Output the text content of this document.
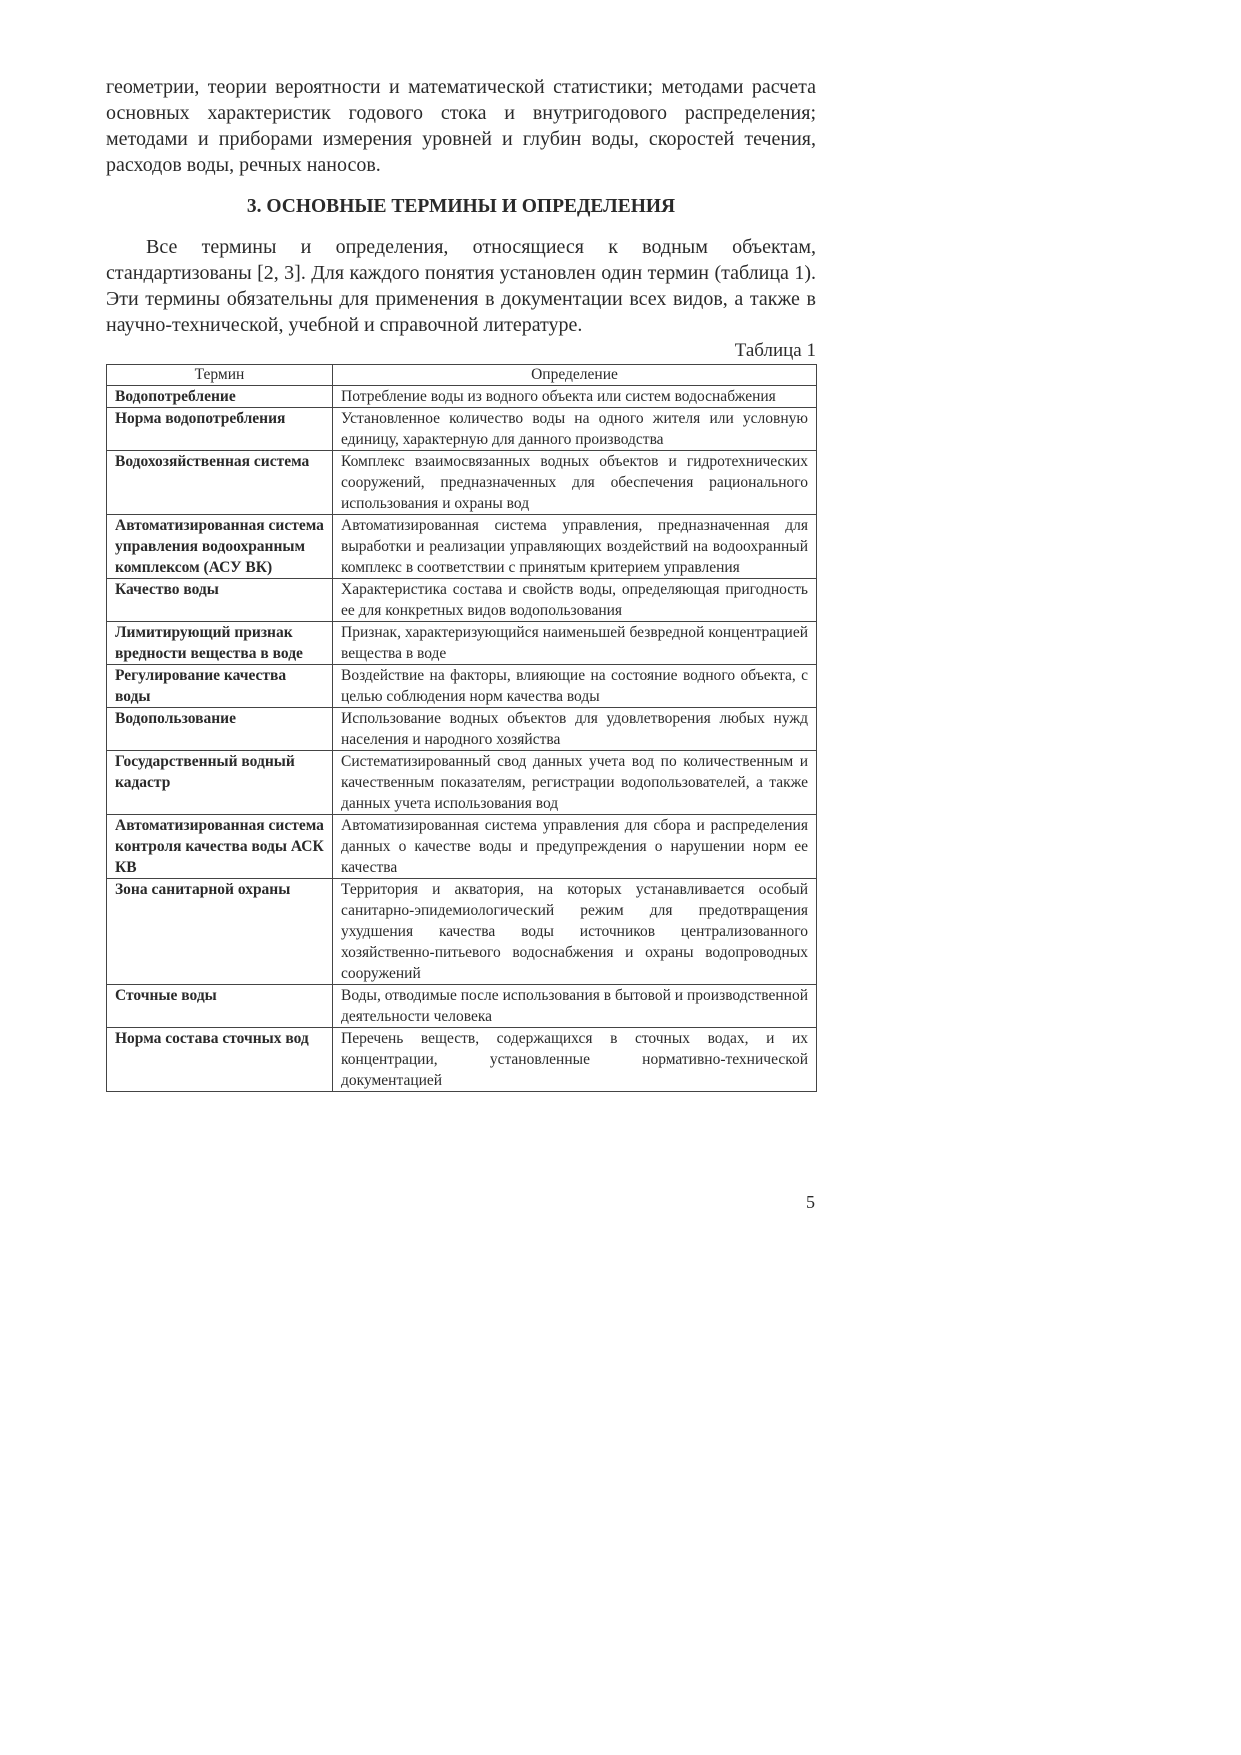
геометрии, теории вероятности и математической статистики; методами расчета основных характеристик годового стока и внутригодового распределения; методами и приборами измерения уровней и глубин воды, скоростей течения, расходов воды, речных наносов.

3. ОСНОВНЫЕ ТЕРМИНЫ И ОПРЕДЕЛЕНИЯ

Все термины и определения, относящиеся к водным объектам, стандартизованы [2, 3]. Для каждого понятия установлен один термин (таблица 1). Эти термины обязательны для применения в документации всех видов, а также в научно-технической, учебной и справочной литературе.

Таблица 1
Термин	Определение
Водопотребление	Потребление воды из водного объекта или систем водоснабжения
Норма водопотребления	Установленное количество воды на одного жителя или условную единицу, характерную для данного производства
Водохозяйственная система	Комплекс взаимосвязанных водных объектов и гидротехнических сооружений, предназначенных для обеспечения рационального использования и охраны вод
Автоматизированная система управления водоохранным комплексом (АСУ ВК)	Автоматизированная система управления, предназначенная для выработки и реализации управляющих воздействий на водоохранный комплекс в соответствии с принятым критерием управления
Качество воды	Характеристика состава и свойств воды, определяющая пригодность ее для конкретных видов водопользования
Лимитирующий признак вредности вещества в воде	Признак, характеризующийся наименьшей безвредной концентрацией вещества в воде
Регулирование качества воды	Воздействие на факторы, влияющие на состояние водного объекта, с целью соблюдения норм качества воды
Водопользование	Использование водных объектов для удовлетворения любых нужд населения и народного хозяйства
Государственный водный кадастр	Систематизированный свод данных учета вод по количественным и качественным показателям, регистрации водопользователей, а также данных учета использования вод
Автоматизированная система контроля качества воды АСК КВ	Автоматизированная система управления для сбора и распределения данных о качестве воды и предупреждения о нарушении норм ее качества
Зона санитарной охраны	Территория и акватория, на которых устанавливается особый санитарно-эпидемиологический режим для предотвращения ухудшения качества воды источников централизованного хозяйственно-питьевого водоснабжения и охраны водопроводных сооружений
Сточные воды	Воды, отводимые после использования в бытовой и производственной деятельности человека
Норма состава сточных вод	Перечень веществ, содержащихся в сточных водах, и их концентрации, установленные нормативно-технической документацией
5
